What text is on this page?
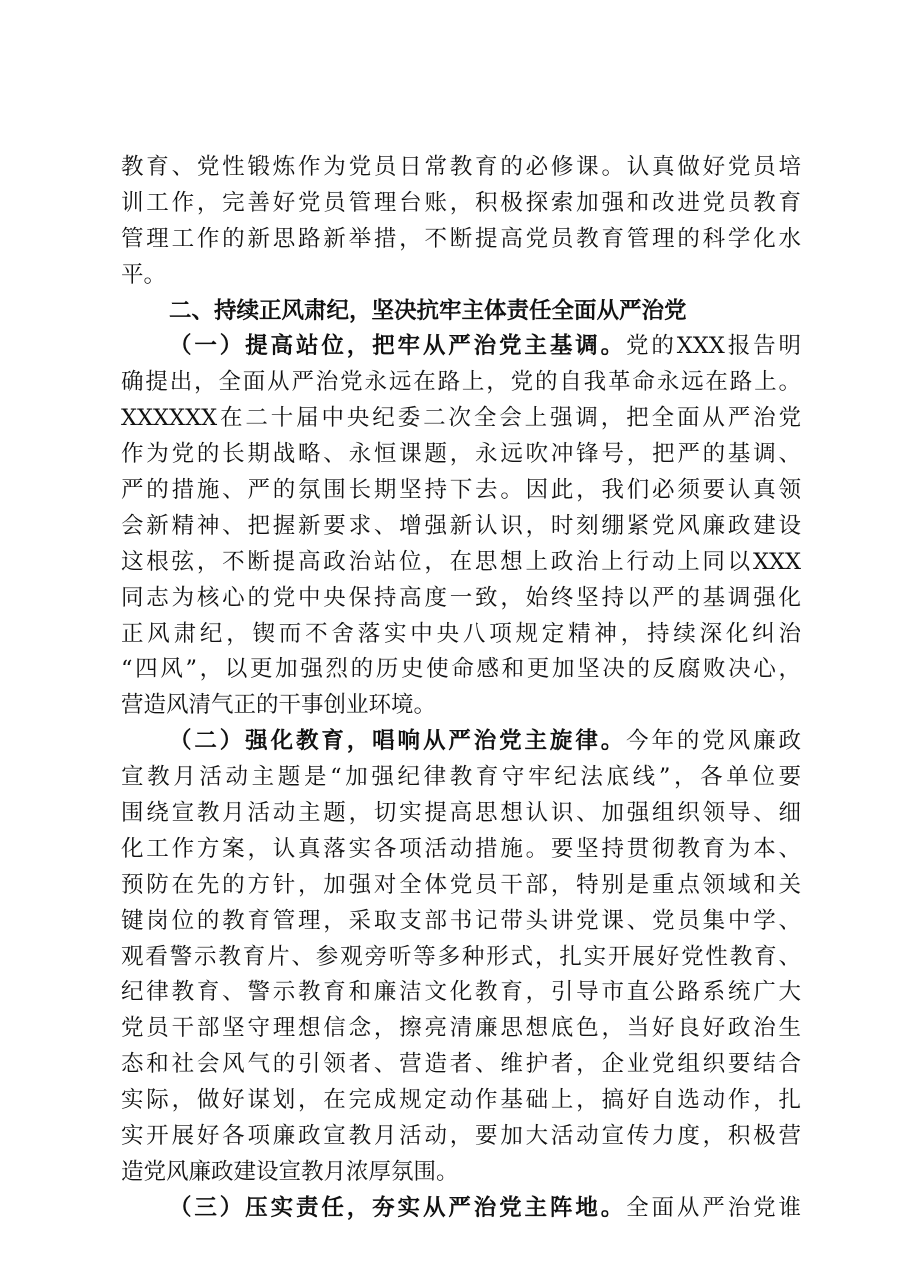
教育、党性锻炼作为党员日常教育的必修课。认真做好党员培
训工作，完善好党员管理台账，积极探索加强和改进党员教育
管理工作的新思路新举措，不断提高党员教育管理的科学化水
平。
二、持续正风肃纪，坚决抗牢主体责任全面从严治党
（一）提高站位，把牢从严治党主基调。党的XXX报告明
确提出，全面从严治党永远在路上，党的自我革命永远在路上。
XXXXXX在二十届中央纪委二次全会上强调，把全面从严治党
作为党的长期战略、永恒课题，永远吹冲锋号，把严的基调、
严的措施、严的氛围长期坚持下去。因此，我们必须要认真领
会新精神、把握新要求、增强新认识，时刻绷紧党风廉政建设
这根弦，不断提高政治站位，在思想上政治上行动上同以XXX
同志为核心的党中央保持高度一致，始终坚持以严的基调强化
正风肃纪，锲而不舍落实中央八项规定精神，持续深化纠治
“四风”，以更加强烈的历史使命感和更加坚决的反腐败决心，
营造风清气正的干事创业环境。
（二）强化教育，唱响从严治党主旋律。今年的党风廉政
宣教月活动主题是“加强纪律教育守牢纪法底线”，各单位要
围绕宣教月活动主题，切实提高思想认识、加强组织领导、细
化工作方案，认真落实各项活动措施。要坚持贯彻教育为本、
预防在先的方针，加强对全体党员干部，特别是重点领域和关
键岗位的教育管理，采取支部书记带头讲党课、党员集中学、
观看警示教育片、参观旁听等多种形式，扎实开展好党性教育、
纪律教育、警示教育和廉洁文化教育，引导市直公路系统广大
党员干部坚守理想信念，擦亮清廉思想底色，当好良好政治生
态和社会风气的引领者、营造者、维护者，企业党组织要结合
实际，做好谋划，在完成规定动作基础上，搞好自选动作，扎
实开展好各项廉政宣教月活动，要加大活动宣传力度，积极营
造党风廉政建设宣教月浓厚氛围。
（三）压实责任，夯实从严治党主阵地。全面从严治党谁
